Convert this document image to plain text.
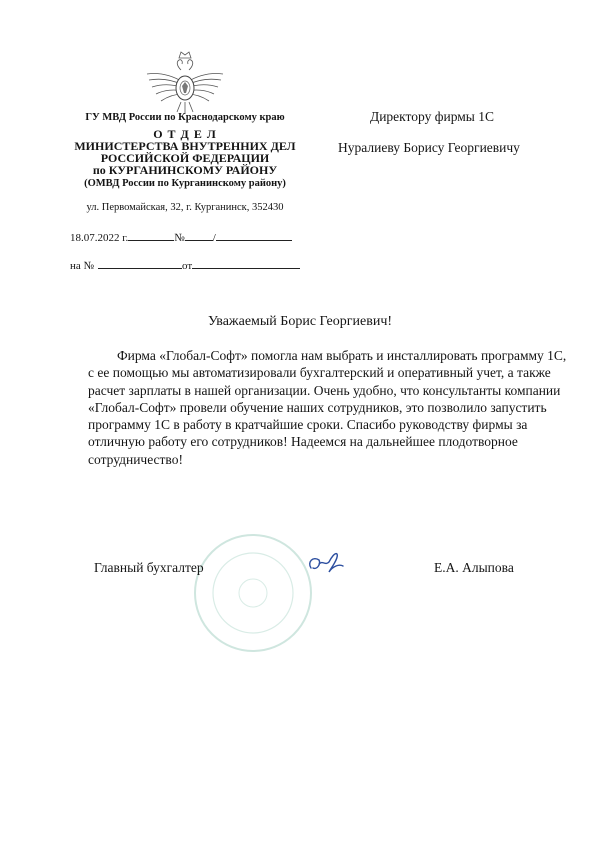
ГУ МВД России по Краснодарскому краю
О Т Д Е Л
МИНИСТЕРСТВА ВНУТРЕННИХ ДЕЛ
РОССИЙСКОЙ ФЕДЕРАЦИИ
по КУРГАНИНСКОМУ РАЙОНУ
(ОМВД России по Курганинскому району)
ул. Первомайская, 32, г. Курганинск, 352430
18.07.2022 г.	№	/
на №	от
Директору фирмы 1С
Нуралиеву Борису Георгиевичу
Уважаемый Борис Георгиевич!
Фирма «Глобал-Софт» помогла нам выбрать и инсталлировать программу 1С, с ее помощью мы автоматизировали бухгалтерский и оперативный учет, а также расчет зарплаты в нашей организации. Очень удобно, что консультанты компании «Глобал-Софт» провели обучение наших сотрудников, это позволило запустить программу 1С в работу в кратчайшие сроки. Спасибо руководству фирмы за отличную работу его сотрудников! Надеемся на дальнейшее плодотворное сотрудничество!
Главный бухгалтер	Е.А. Алыпова
